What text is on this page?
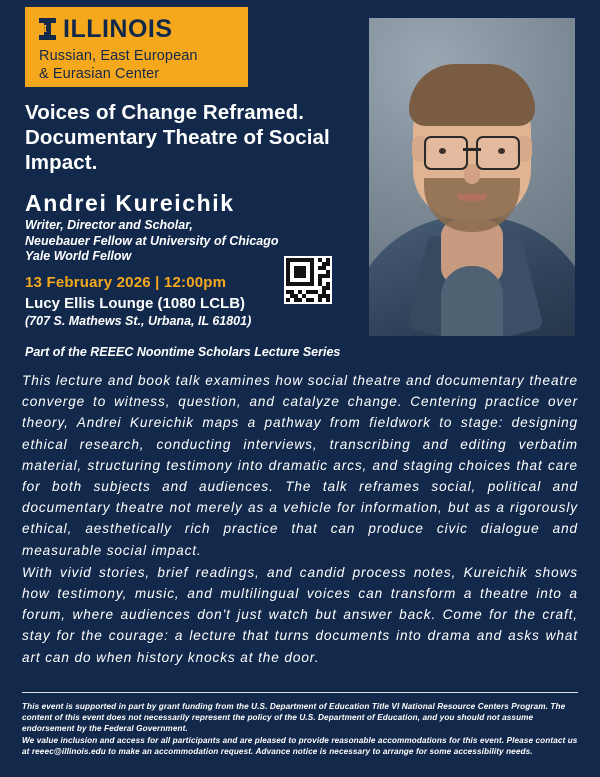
I ILLINOIS
Russian, East European
& Eurasian Center
Voices of Change Reframed. Documentary Theatre of Social Impact.
Andrei Kureichik
Writer, Director and Scholar,
Neuebauer Fellow at University of Chicago
Yale World Fellow
13 February 2026 | 12:00pm
Lucy Ellis Lounge (1080 LCLB)
(707 S. Mathews St., Urbana, IL 61801)
Part of the REEEC Noontime Scholars Lecture Series

This lecture and book talk examines how social theatre and documentary theatre converge to witness, question, and catalyze change. Centering practice over theory, Andrei Kureichik maps a pathway from fieldwork to stage: designing ethical research, conducting interviews, transcribing and editing verbatim material, structuring testimony into dramatic arcs, and staging choices that care for both subjects and audiences. The talk reframes social, political and documentary theatre not merely as a vehicle for information, but as a rigorously ethical, aesthetically rich practice that can produce civic dialogue and measurable social impact.

With vivid stories, brief readings, and candid process notes, Kureichik shows how testimony, music, and multilingual voices can transform a theatre into a forum, where audiences don't just watch but answer back. Come for the craft, stay for the courage: a lecture that turns documents into drama and asks what art can do when history knocks at the door.

This event is supported in part by grant funding from the U.S. Department of Education Title VI National Resource Centers Program. The content of this event does not necessarily represent the policy of the U.S. Department of Education, and you should not assume endorsement by the Federal Government.
We value inclusion and access for all participants and are pleased to provide reasonable accommodations for this event. Please contact us at reeec@illinois.edu to make an accommodation request. Advance notice is necessary to arrange for some accessibility needs.
